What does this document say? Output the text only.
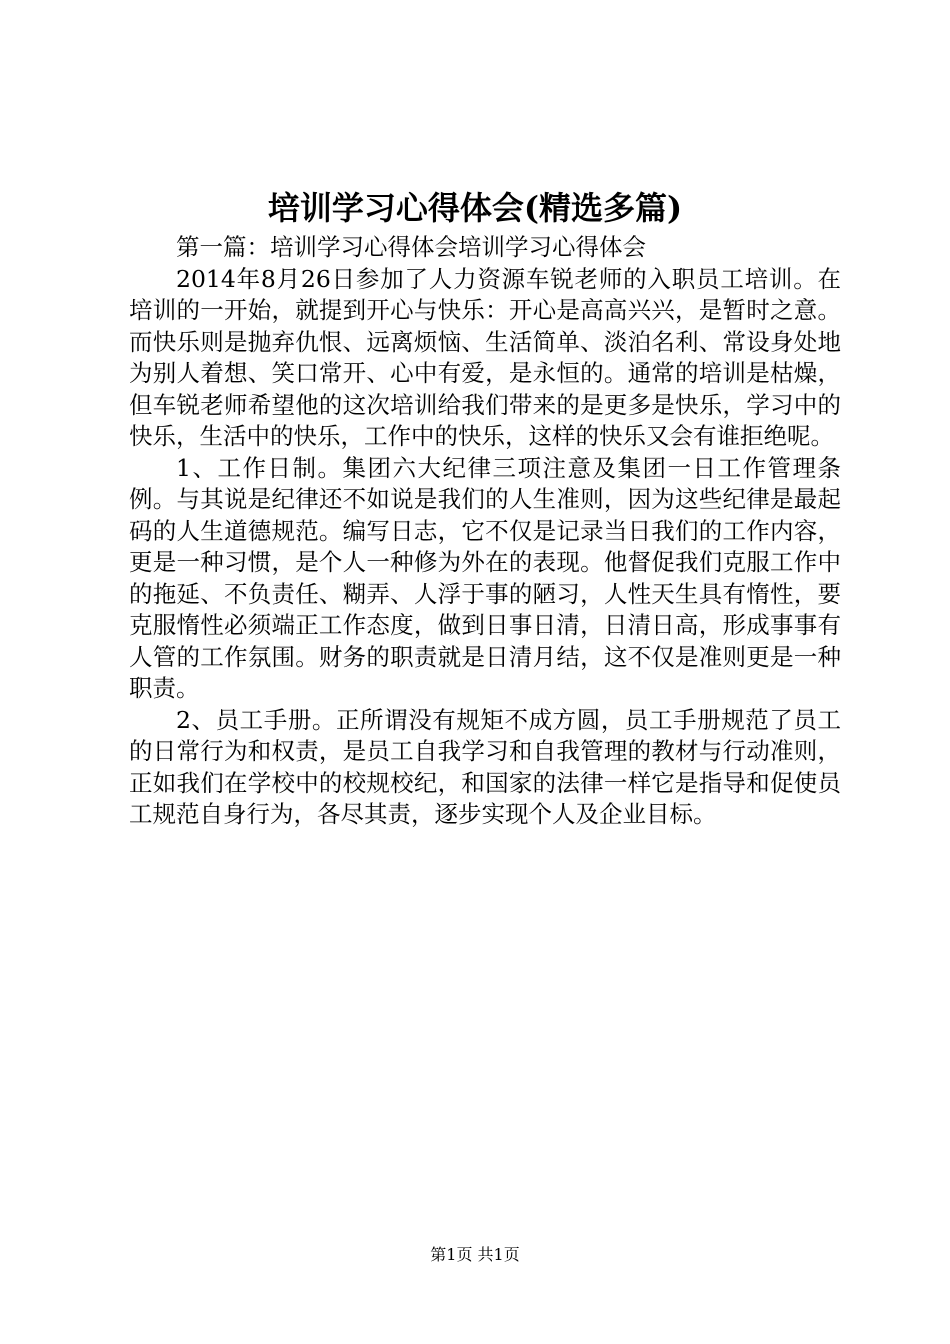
培训学习心得体会(精选多篇)

第一篇：培训学习心得体会培训学习心得体会

2014年8月26日参加了人力资源车锐老师的入职员工培训。在培训的一开始，就提到开心与快乐：开心是高高兴兴，是暂时之意。而快乐则是抛弃仇恨、远离烦恼、生活简单、淡泊名利、常设身处地为别人着想、笑口常开、心中有爱，是永恒的。通常的培训是枯燥，但车锐老师希望他的这次培训给我们带来的是更多是快乐，学习中的快乐，生活中的快乐，工作中的快乐，这样的快乐又会有谁拒绝呢。

1、工作日制。集团六大纪律三项注意及集团一日工作管理条例。与其说是纪律还不如说是我们的人生准则，因为这些纪律是最起码的人生道德规范。编写日志，它不仅是记录当日我们的工作内容，更是一种习惯，是个人一种修为外在的表现。他督促我们克服工作中的拖延、不负责任、糊弄、人浮于事的陋习，人性天生具有惰性，要克服惰性必须端正工作态度，做到日事日清，日清日高，形成事事有人管的工作氛围。财务的职责就是日清月结，这不仅是准则更是一种职责。

2、员工手册。正所谓没有规矩不成方圆，员工手册规范了员工的日常行为和权责，是员工自我学习和自我管理的教材与行动准则，正如我们在学校中的校规校纪，和国家的法律一样它是指导和促使员工规范自身行为，各尽其责，逐步实现个人及企业目标。

第1页 共1页
